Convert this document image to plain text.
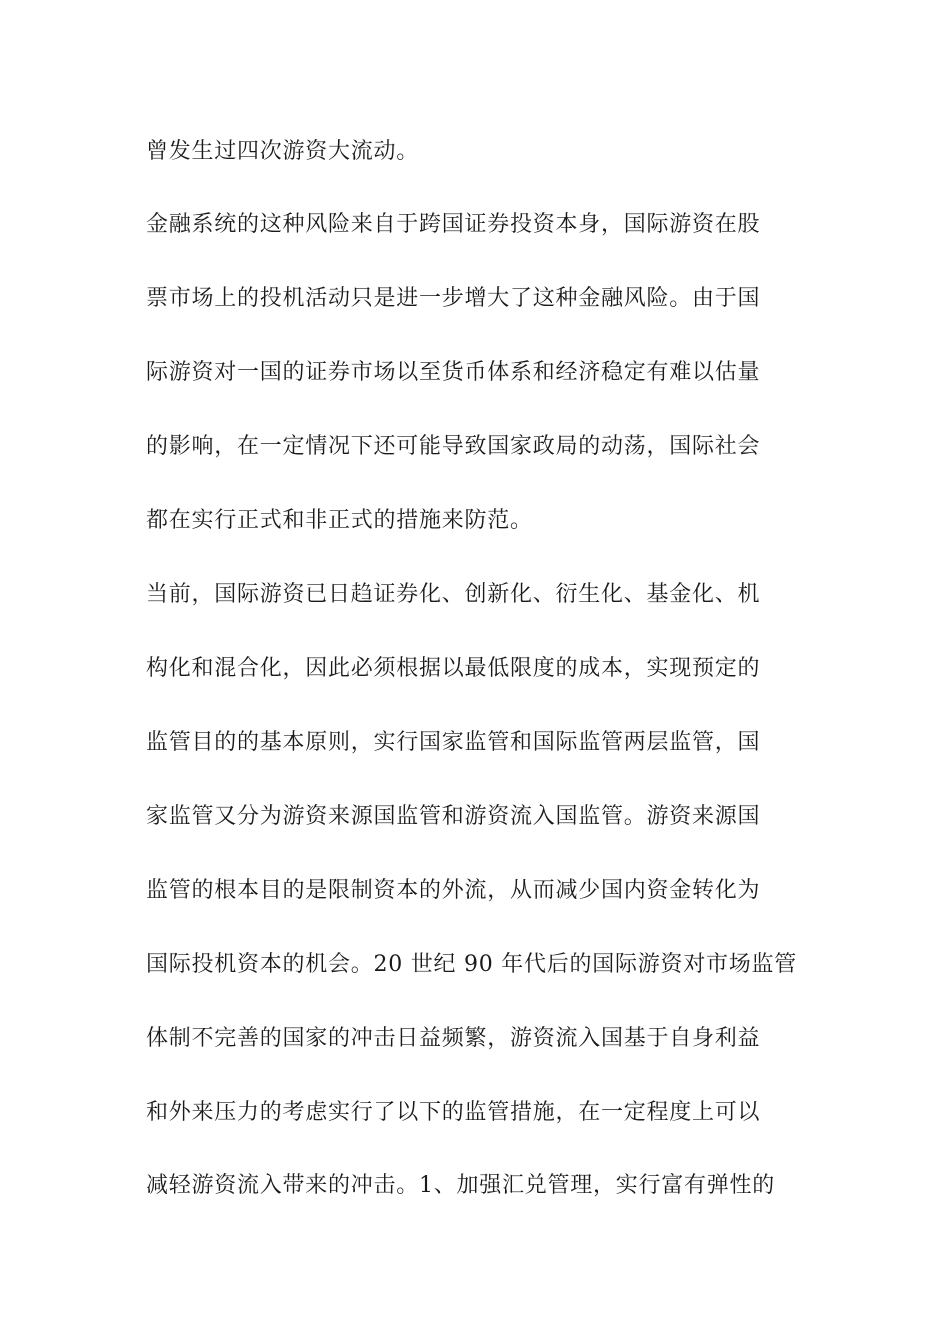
曾发生过四次游资大流动。
金融系统的这种风险来自于跨国证券投资本身，国际游资在股
票市场上的投机活动只是进一步增大了这种金融风险。由于国
际游资对一国的证券市场以至货币体系和经济稳定有难以估量
的影响，在一定情况下还可能导致国家政局的动荡，国际社会
都在实行正式和非正式的措施来防范。
当前，国际游资已日趋证券化、创新化、衍生化、基金化、机
构化和混合化，因此必须根据以最低限度的成本，实现预定的
监管目的的基本原则，实行国家监管和国际监管两层监管，国
家监管又分为游资来源国监管和游资流入国监管。游资来源国
监管的根本目的是限制资本的外流，从而减少国内资金转化为
国际投机资本的机会。20 世纪 90 年代后的国际游资对市场监管
体制不完善的国家的冲击日益频繁，游资流入国基于自身利益
和外来压力的考虑实行了以下的监管措施，在一定程度上可以
减轻游资流入带来的冲击。1、加强汇兑管理，实行富有弹性的
